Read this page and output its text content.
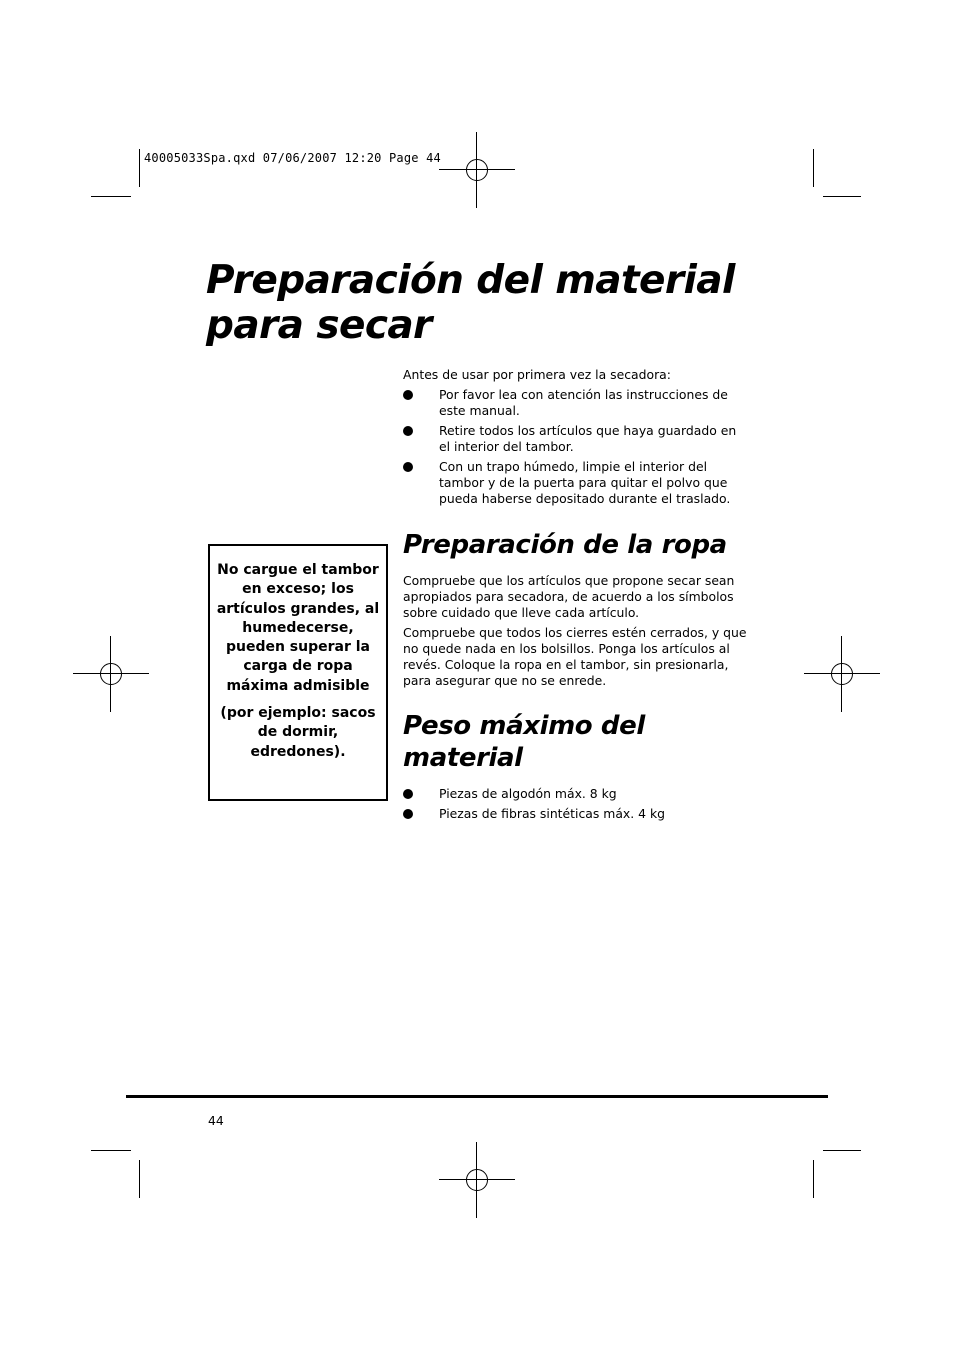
40005033Spa.qxd 07/06/2007 12:20 Page 44
Preparación del material
para secar

Antes de usar por primera vez la secadora:

Por favor lea con atención las instrucciones de este manual.
Retire todos los artículos que haya guardado en el interior del tambor.
Con un trapo húmedo, limpie el interior del tambor y de la puerta para quitar el polvo que pueda haberse depositado durante el traslado.
Preparación de la ropa

Compruebe que los artículos que propone secar sean apropiados para secadora, de acuerdo a los símbolos sobre cuidado que lleve cada artículo.

Compruebe que todos los cierres estén cerrados, y que no quede nada en los bolsillos. Ponga los artículos al revés. Coloque la ropa en el tambor, sin presionarla, para asegurar que no se enrede.

Peso máximo del
material
Piezas de algodón máx. 8 kg
Piezas de fibras sintéticas máx. 4 kg

No cargue el tambor en exceso; los artículos grandes, al humedecerse, pueden superar la carga de ropa máxima admisible

(por ejemplo: sacos de dormir, edredones).

44
